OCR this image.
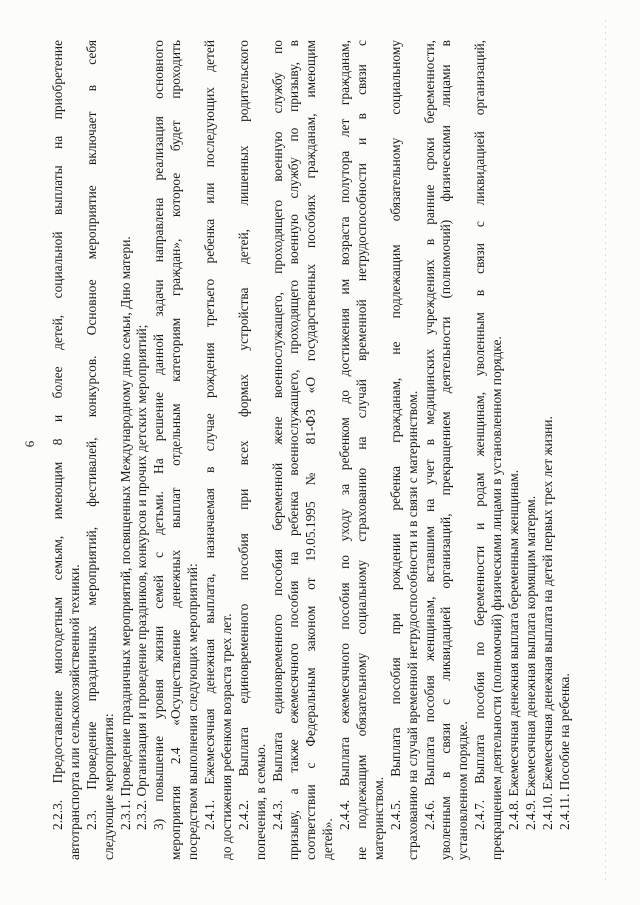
6 2.2.3. Предоставление многодетным семьям, имеющим 8 и более детей, социальной выплаты на приобретение автотранспорта или сельскохозяйственной техники. 2.3. Проведение праздничных мероприятий, фестивалей, конкурсов. Основное мероприятие включает в себя следующие мероприятия: 2.3.1. Проведение праздничных мероприятий, посвященных Международному дню семьи, Дню матери. 2.3.2. Организация и проведение праздников, конкурсов и прочих детских мероприятий; 3) повышение уровня жизни семей с детьми. На решение данной задачи направлена реализация основного мероприятия 2.4 «Осуществление денежных выплат отдельным категориям граждан», которое будет проходить посредством выполнения следующих мероприятий: 2.4.1. Ежемесячная денежная выплата, назначаемая в случае рождения третьего ребенка или последующих детей до достижения ребенком возраста трех лет. 2.4.2. Выплата единовременного пособия при всех формах устройства детей, лишенных родительского попечения, в семью. 2.4.3. Выплата единовременного пособия беременной жене военнослужащего, проходящего военную службу по призыву, а также ежемесячного пособия на ребенка военнослужащего, проходящего военную службу по призыву, в соответствии с Федеральным законом от 19.05.1995 № 81-ФЗ «О государственных пособиях гражданам, имеющим детей».
2.4.4. Выплата ежемесячного пособия по уходу за ребенком до достижения им возраста полутора лет гражданам, не подлежащим обязательному социальному страхованию на случай временной нетрудоспособности и в связи с материнством. 2.4.5. Выплата пособия при рождении ребенка гражданам, не подлежащим обязательному социальному страхованию на случай временной нетрудоспособности и в связи с материнством. 2.4.6. Выплата пособия женщинам, вставшим на учет в медицинских учреждениях в ранние сроки беременности, уволенным в связи с ликвидацией организаций, прекращением деятельности (полномочий) физическими лицами в установленном порядке. 2.4.7. Выплата пособия по беременности и родам женщинам, уволенным в связи с ликвидацией организаций, прекращением деятельности (полномочий) физическими лицами в установленном порядке. 2.4.8. Ежемесячная денежная выплата беременным женщинам. 2.4.9. Ежемесячная денежная выплата кормящим матерям. 2.4.10. Ежемесячная денежная выплата на детей первых трех лет жизни. 2.4.11. Пособие на ребенка.
